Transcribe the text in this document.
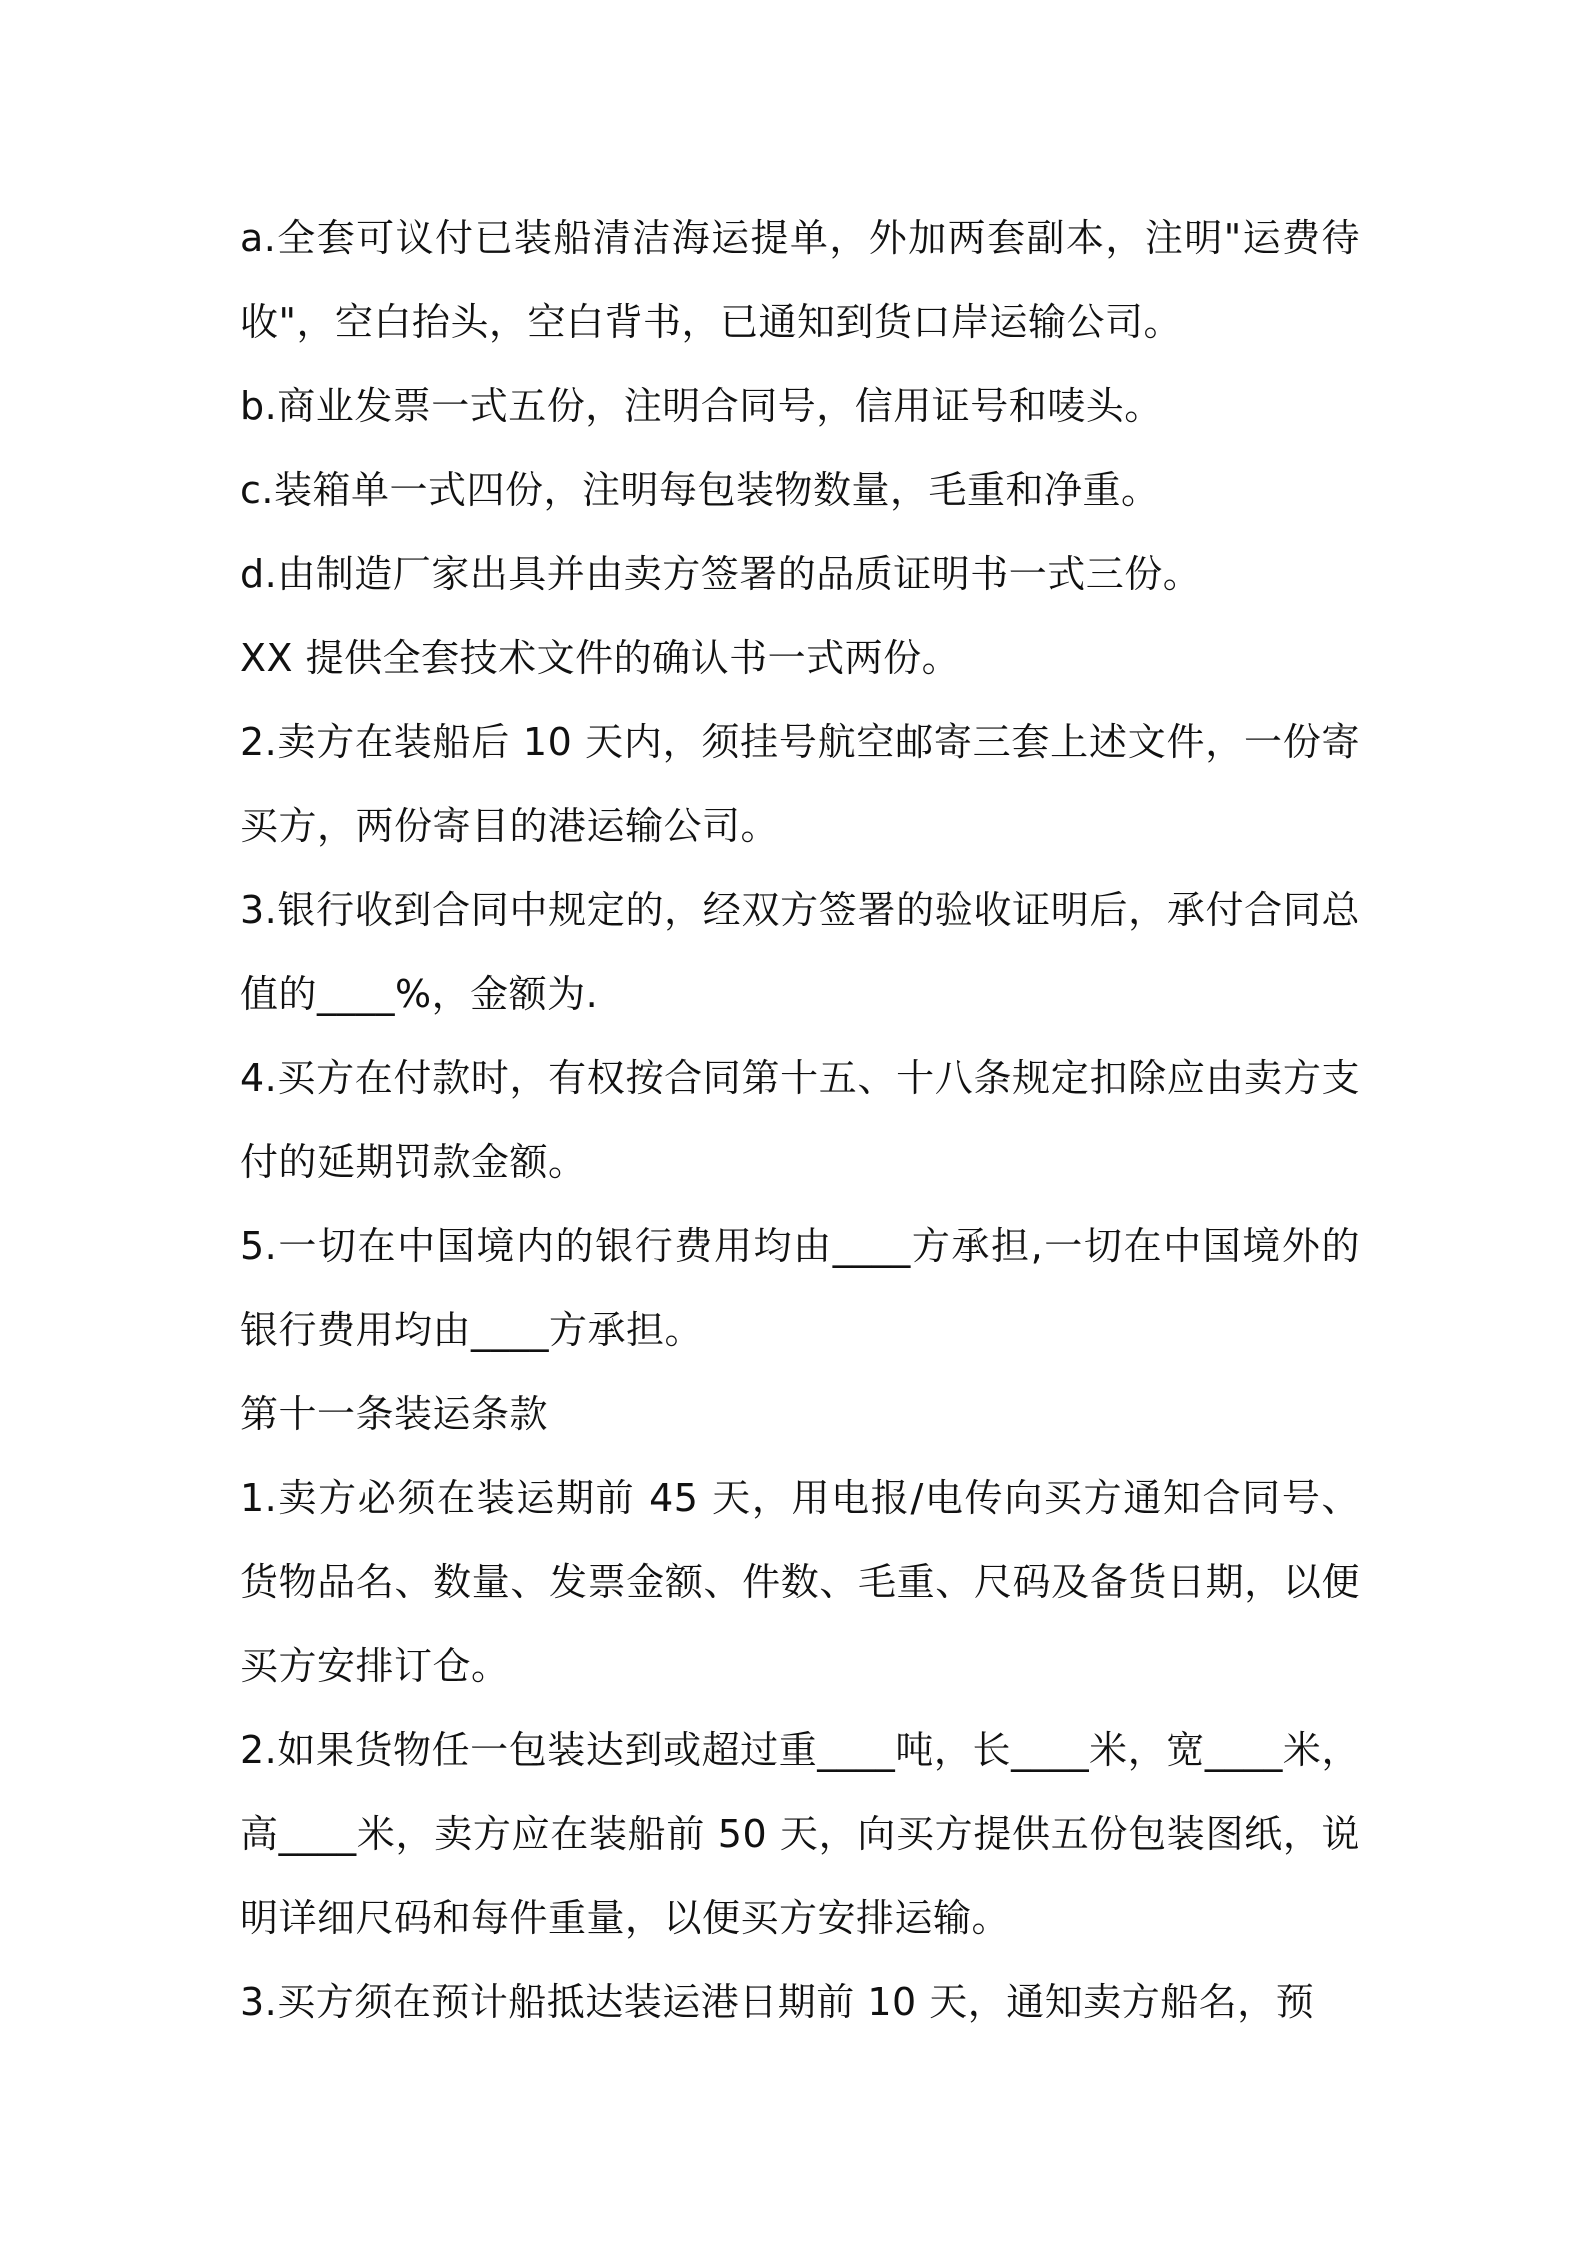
a.全套可议付已装船清洁海运提单，外加两套副本，注明"运费待收"，空白抬头，空白背书，已通知到货口岸运输公司。

b.商业发票一式五份，注明合同号，信用证号和唛头。

c.装箱单一式四份，注明每包装物数量，毛重和净重。

d.由制造厂家出具并由卖方签署的品质证明书一式三份。

XX 提供全套技术文件的确认书一式两份。

2.卖方在装船后 10 天内，须挂号航空邮寄三套上述文件，一份寄买方，两份寄目的港运输公司。

3.银行收到合同中规定的，经双方签署的验收证明后，承付合同总值的____%，金额为.

4.买方在付款时，有权按合同第十五、十八条规定扣除应由卖方支付的延期罚款金额。

5.一切在中国境内的银行费用均由____方承担,一切在中国境外的银行费用均由____方承担。

第十一条装运条款

1.卖方必须在装运期前 45 天，用电报/电传向买方通知合同号、货物品名、数量、发票金额、件数、毛重、尺码及备货日期，以便买方安排订仓。

2.如果货物任一包装达到或超过重____吨，长____米，宽____米，高____米，卖方应在装船前 50 天，向买方提供五份包装图纸，说明详细尺码和每件重量，以便买方安排运输。

3.买方须在预计船抵达装运港日期前 10 天，通知卖方船名，预
